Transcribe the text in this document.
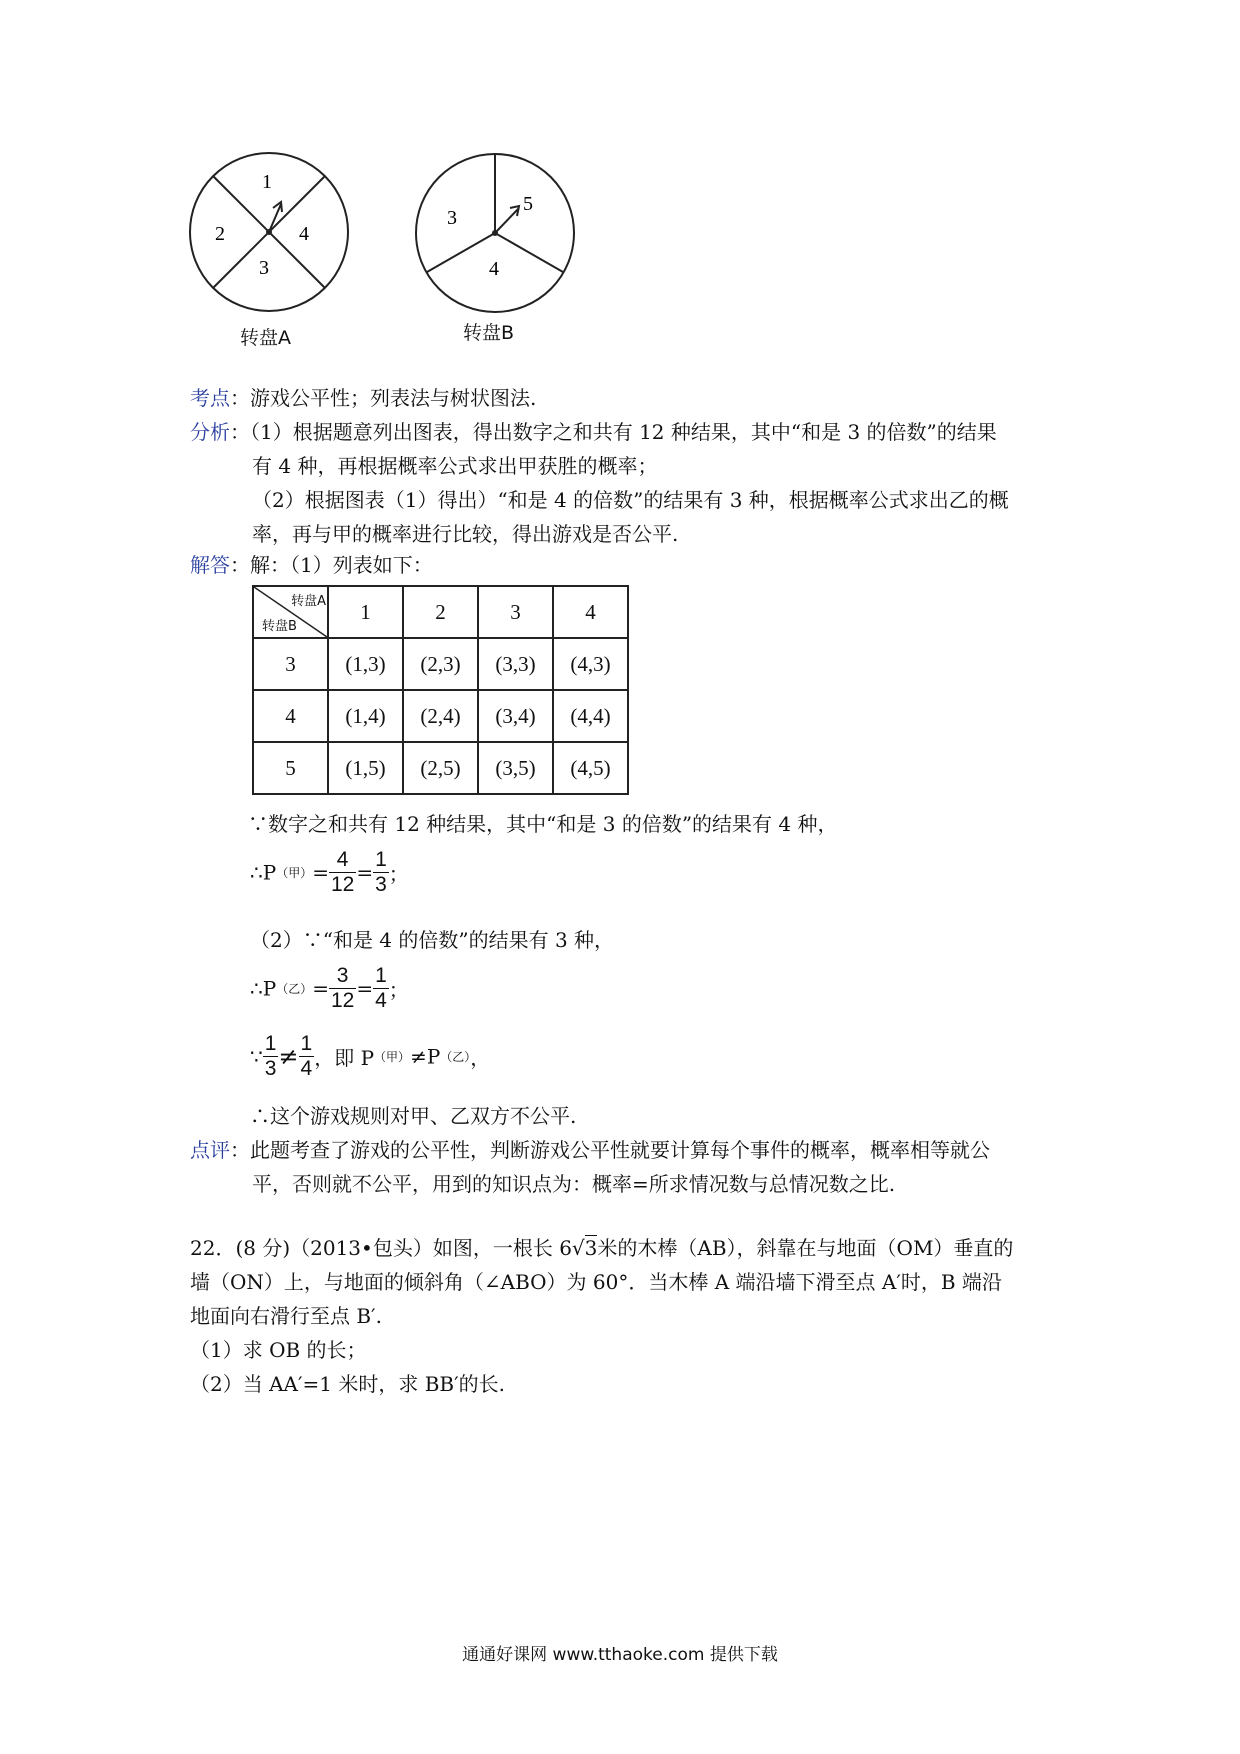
1
2
3
4
转盘A
3
4
5
转盘B
考点：游戏公平性；列表法与树状图法.
分析：（1）根据题意列出图表，得出数字之和共有 12 种结果，其中“和是 3 的倍数”的结果
有 4 种，再根据概率公式求出甲获胜的概率；
（2）根据图表（1）得出）“和是 4 的倍数”的结果有 3 种，根据概率公式求出乙的概
率，再与甲的概率进行比较，得出游戏是否公平.
解答：解：（1）列表如下：
转盘A
转盘B	1	2	3	4
3	(1,3)	(2,3)	(3,3)	(4,3)
4	(1,4)	(2,4)	(3,4)	(4,4)
5	(1,5)	(2,5)	(3,5)	(4,5)
∵数字之和共有 12 种结果，其中“和是 3 的倍数”的结果有 4 种，
∴P（甲）= $\frac{4}{12} = \frac{1}{3}$ ；
（2）∵“和是 4 的倍数”的结果有 3 种，
∴P（乙）= $\frac{3}{12} = \frac{1}{4}$ ；
∵ $\frac{1}{3} \ne \frac{1}{4}$ ，即 P（甲）≠P（乙），
∴这个游戏规则对甲、乙双方不公平.
点评：此题考查了游戏的公平性，判断游戏公平性就要计算每个事件的概率，概率相等就公
平，否则就不公平，用到的知识点为：概率=所求情况数与总情况数之比.
22．(8 分)（2013•包头）如图，一根长 6√3米的木棒（AB），斜靠在与地面（OM）垂直的
墙（ON）上，与地面的倾斜角（∠ABO）为 60°．当木棒 A 端沿墙下滑至点 A′时，B 端沿
地面向右滑行至点 B′.
（1）求 OB 的长；
（2）当 AA′=1 米时，求 BB′的长.
通通好课网 www.tthaoke.com 提供下载
